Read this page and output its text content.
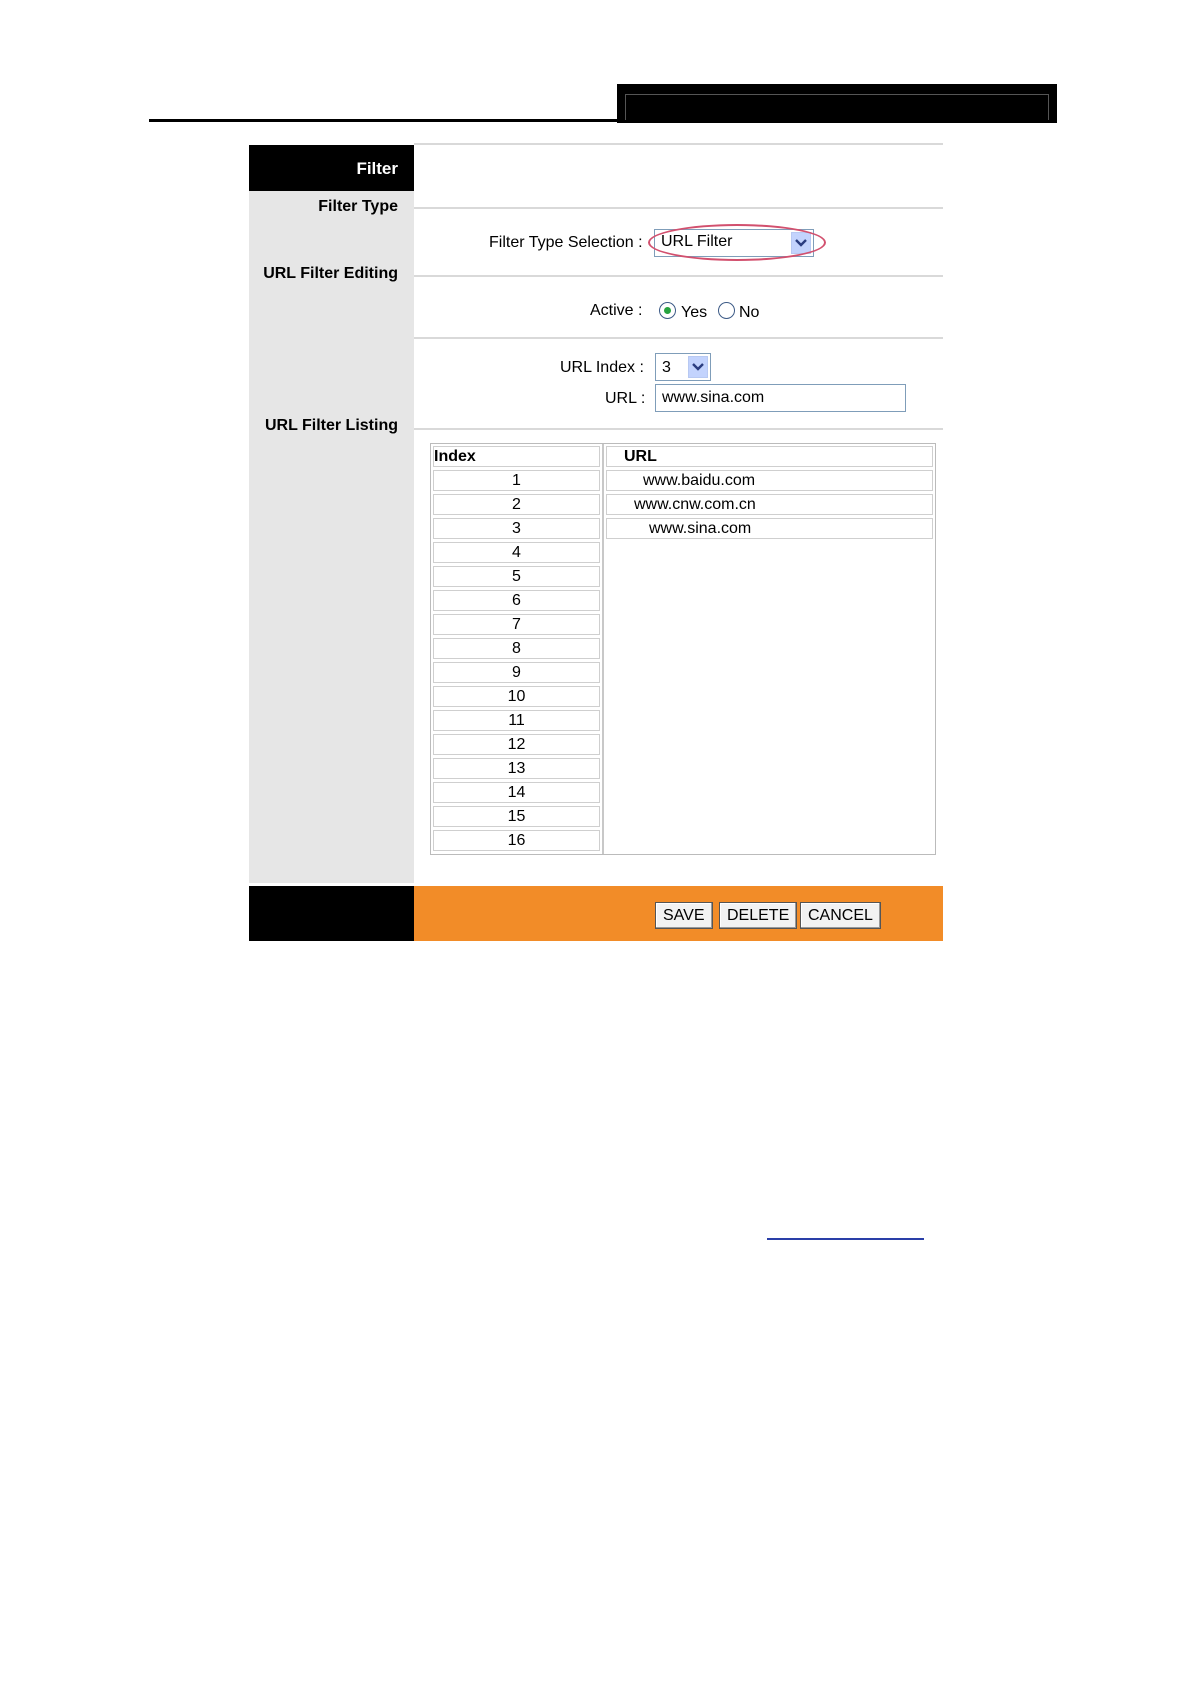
Filter
Filter Type
URL Filter Editing
URL Filter Listing
Filter Type Selection : URL Filter
Active : Yes No
URL Index : 3
URL :
www.sina.com
Index
1
2
3
4
5
6
7
8
9
10
11
12
13
14
15
16
URL
www.baidu.com
www.cnw.com.cn
www.sina.com
SAVE	DELETE	CANCEL
